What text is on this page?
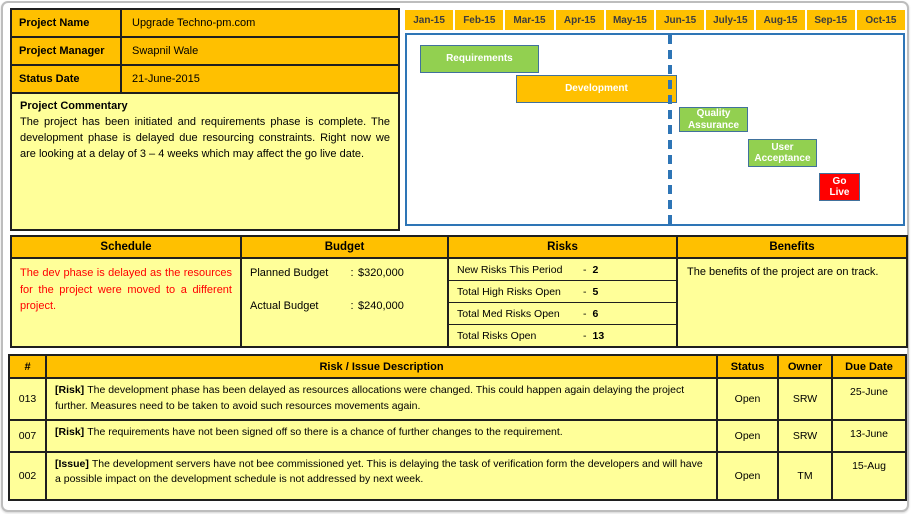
Project Name	Upgrade Techno-pm.com
Project Manager	Swapnil Wale
Status Date	21-June-2015
Project Commentary
The project has been initiated and requirements phase is complete. The development phase is delayed due resourcing constraints. Right now we are looking at a delay of 3 – 4 weeks which may affect the go live date.
Jan-15	Feb-15	Mar-15	Apr-15	May-15	Jun-15	July-15	Aug-15	Sep-15	Oct-15
Requirements
Development
Quality Assurance
User Acceptance
Go Live
Schedule	Budget	Risks	Benefits
The dev phase is delayed as the resources for the project were moved to a different project.
Planned Budget	: $320,000
Actual Budget	: $240,000
New Risks This Period	- 2
Total High Risks Open	- 5
Total Med Risks Open	- 6
Total Risks Open	- 13
The benefits of the project are on track.
#	Risk / Issue Description	Status	Owner	Due Date
013	[Risk] The development phase has been delayed as resources allocations were changed. This could happen again delaying the project further. Measures need to be taken to avoid such resources movements again.	Open	SRW	25-June
007	[Risk] The requirements have not been signed off so there is a chance of further changes to the requirement.	Open	SRW	13-June
002	[Issue] The development servers have not bee commissioned yet. This is delaying the task of verification form the developers and will have a possible impact on the development schedule is not addressed by next week.	Open	TM	15-Aug
